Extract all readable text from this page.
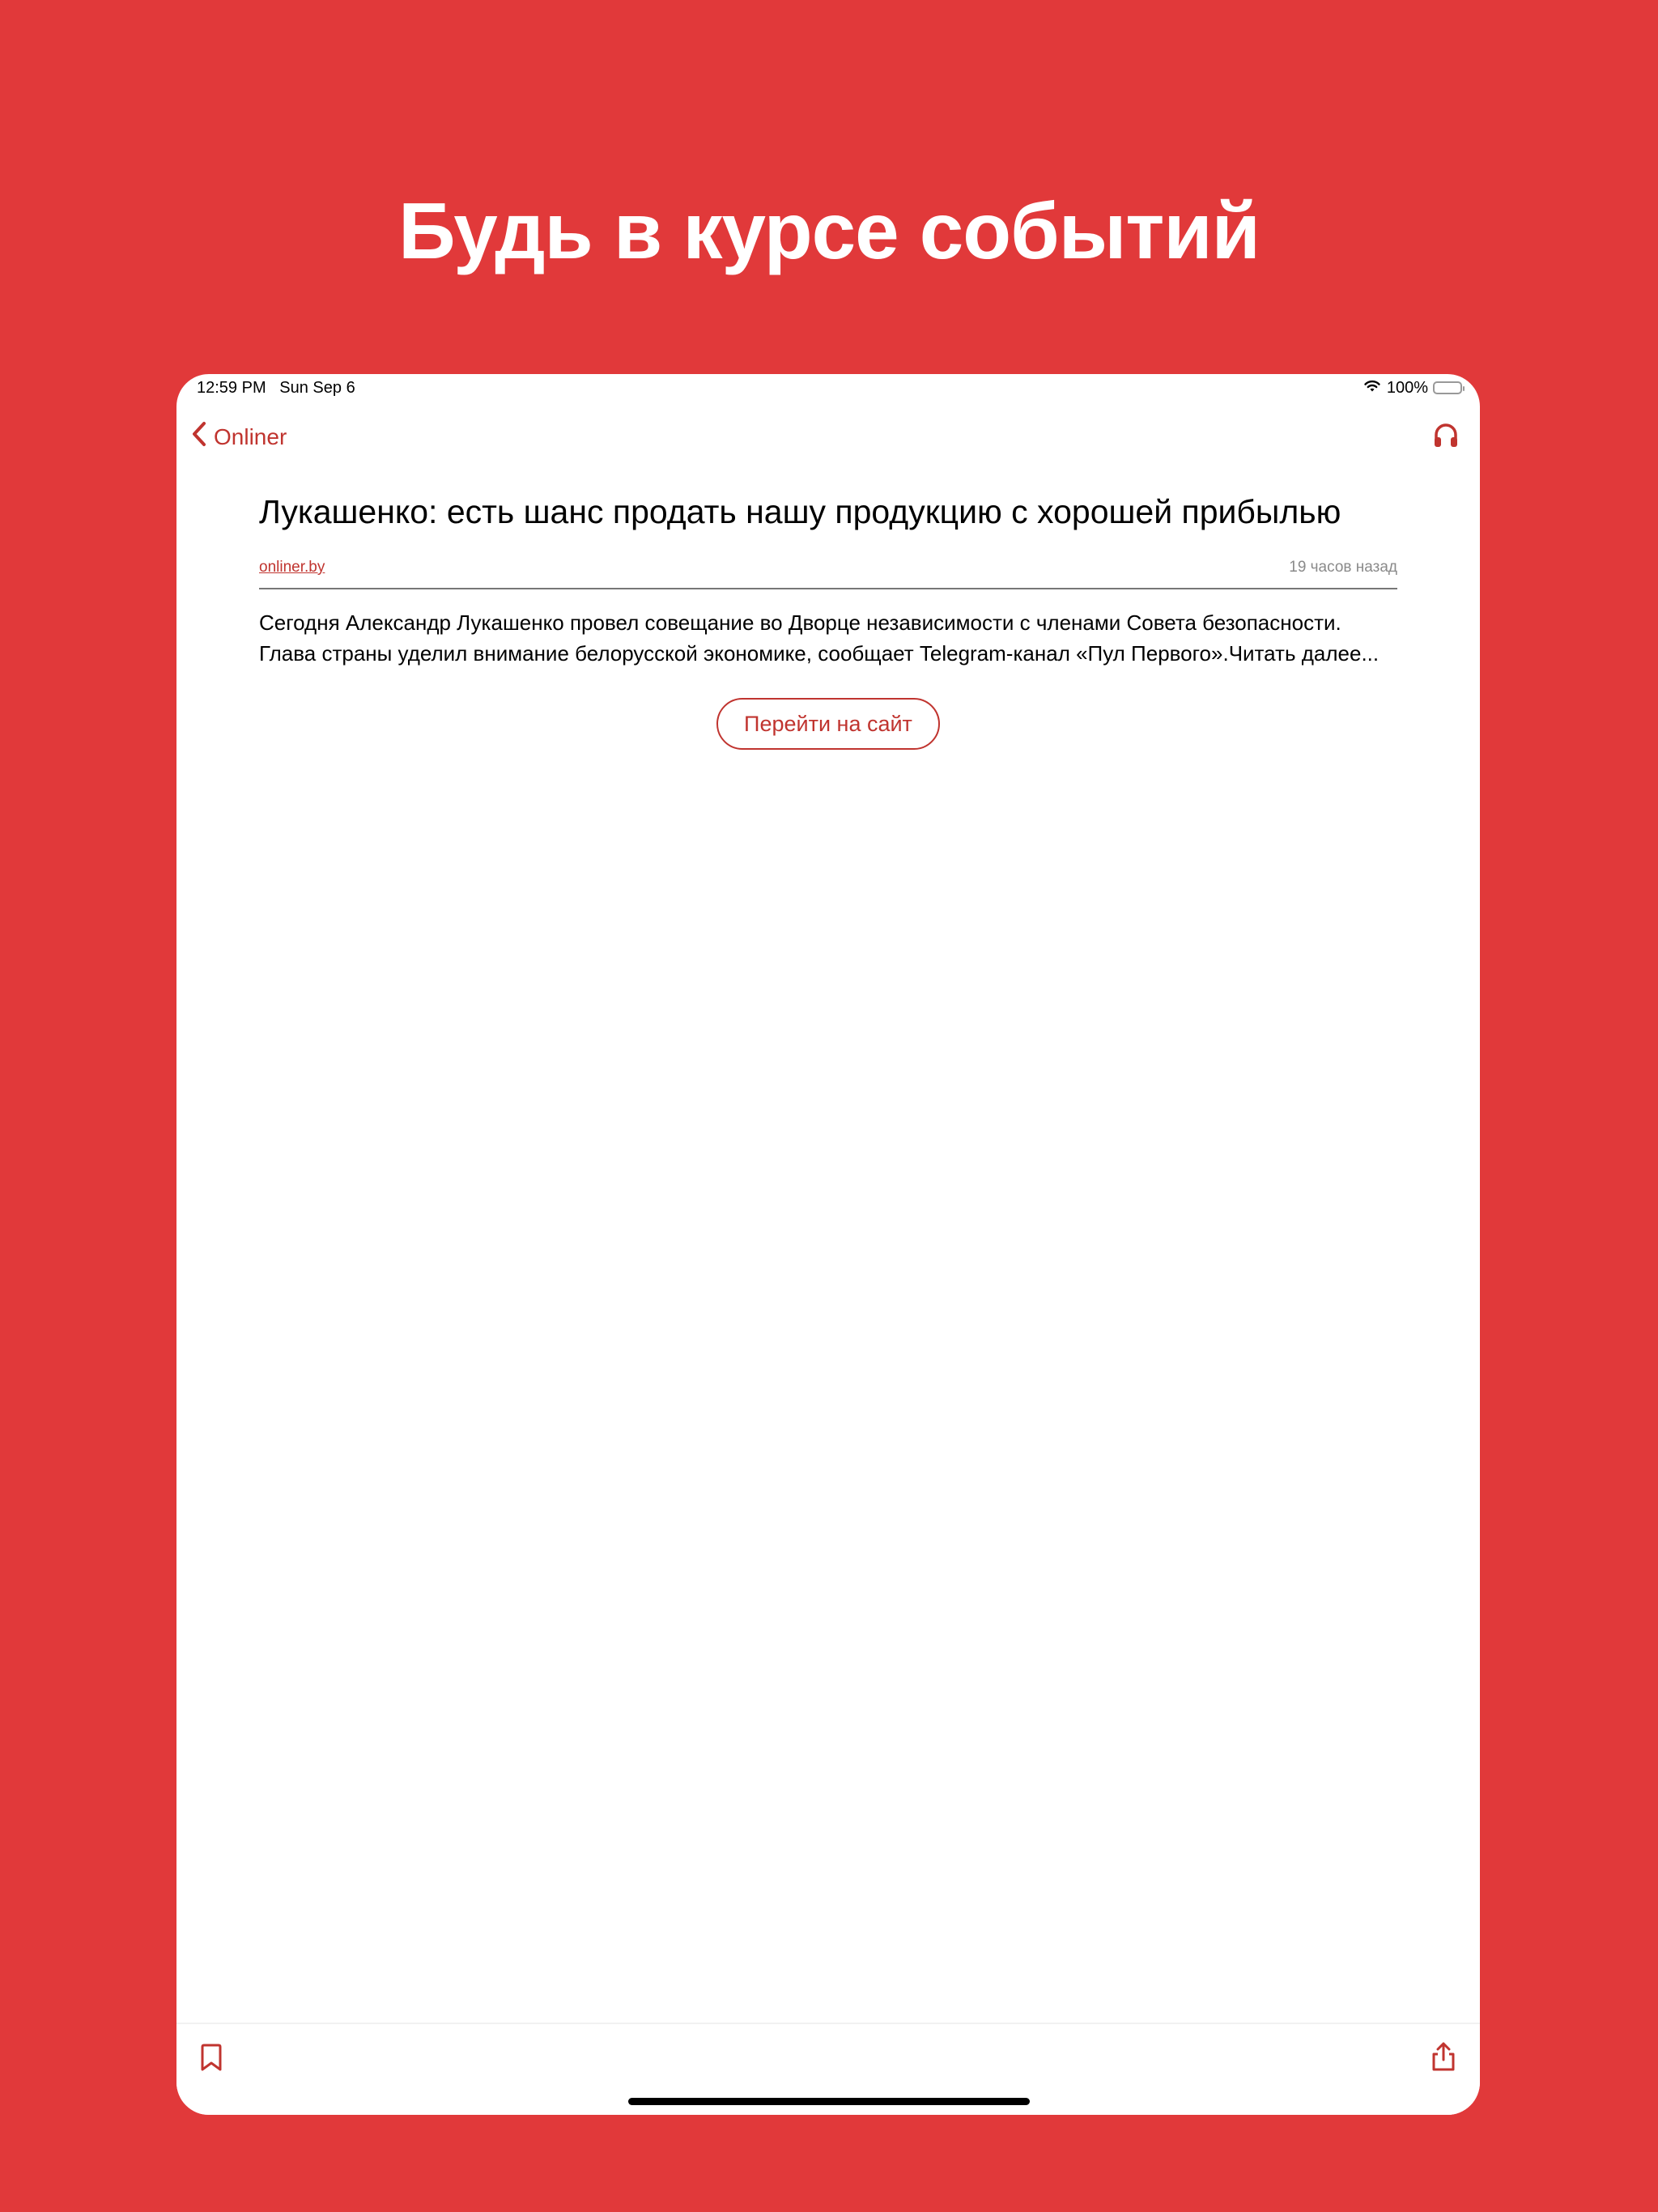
Будь в курсе событий
12:59 PM Sun Sep 6	100%
Onliner
Лукашенко: есть шанс продать нашу продукцию с хорошей прибылью
onliner.by	19 часов назад
Сегодня Александр Лукашенко провел совещание во Дворце независимости с членами Совета безопасности. Глава страны уделил внимание белорусской экономике, сообщает Telegram-канал «Пул Первого».Читать далее...
Перейти на сайт
